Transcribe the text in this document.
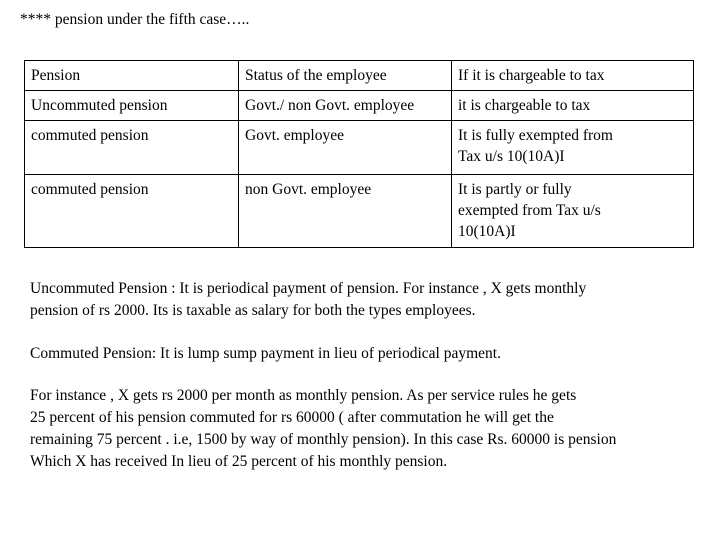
**** pension under the fifth case…..
Pension	Status of the employee	If it is chargeable to tax
Uncommuted pension	Govt./ non Govt. employee	it is chargeable to tax
commuted pension	Govt. employee	It is fully exempted from
Tax u/s 10(10A)I
commuted pension	non Govt. employee	It is partly or fully
exempted from Tax u/s
10(10A)I
Uncommuted Pension : It is periodical payment of pension. For instance , X gets monthly
pension of rs 2000. Its is taxable as salary for both the types employees.
Commuted Pension: It is lump sump payment in lieu of periodical payment.
For instance , X gets rs 2000 per month as monthly pension. As per service rules he gets
25 percent of his pension commuted for rs 60000 ( after commutation he will get the
remaining 75 percent . i.e, 1500 by way of monthly pension). In this case Rs. 60000 is pension
Which X has received In lieu of 25 percent of his monthly pension.
